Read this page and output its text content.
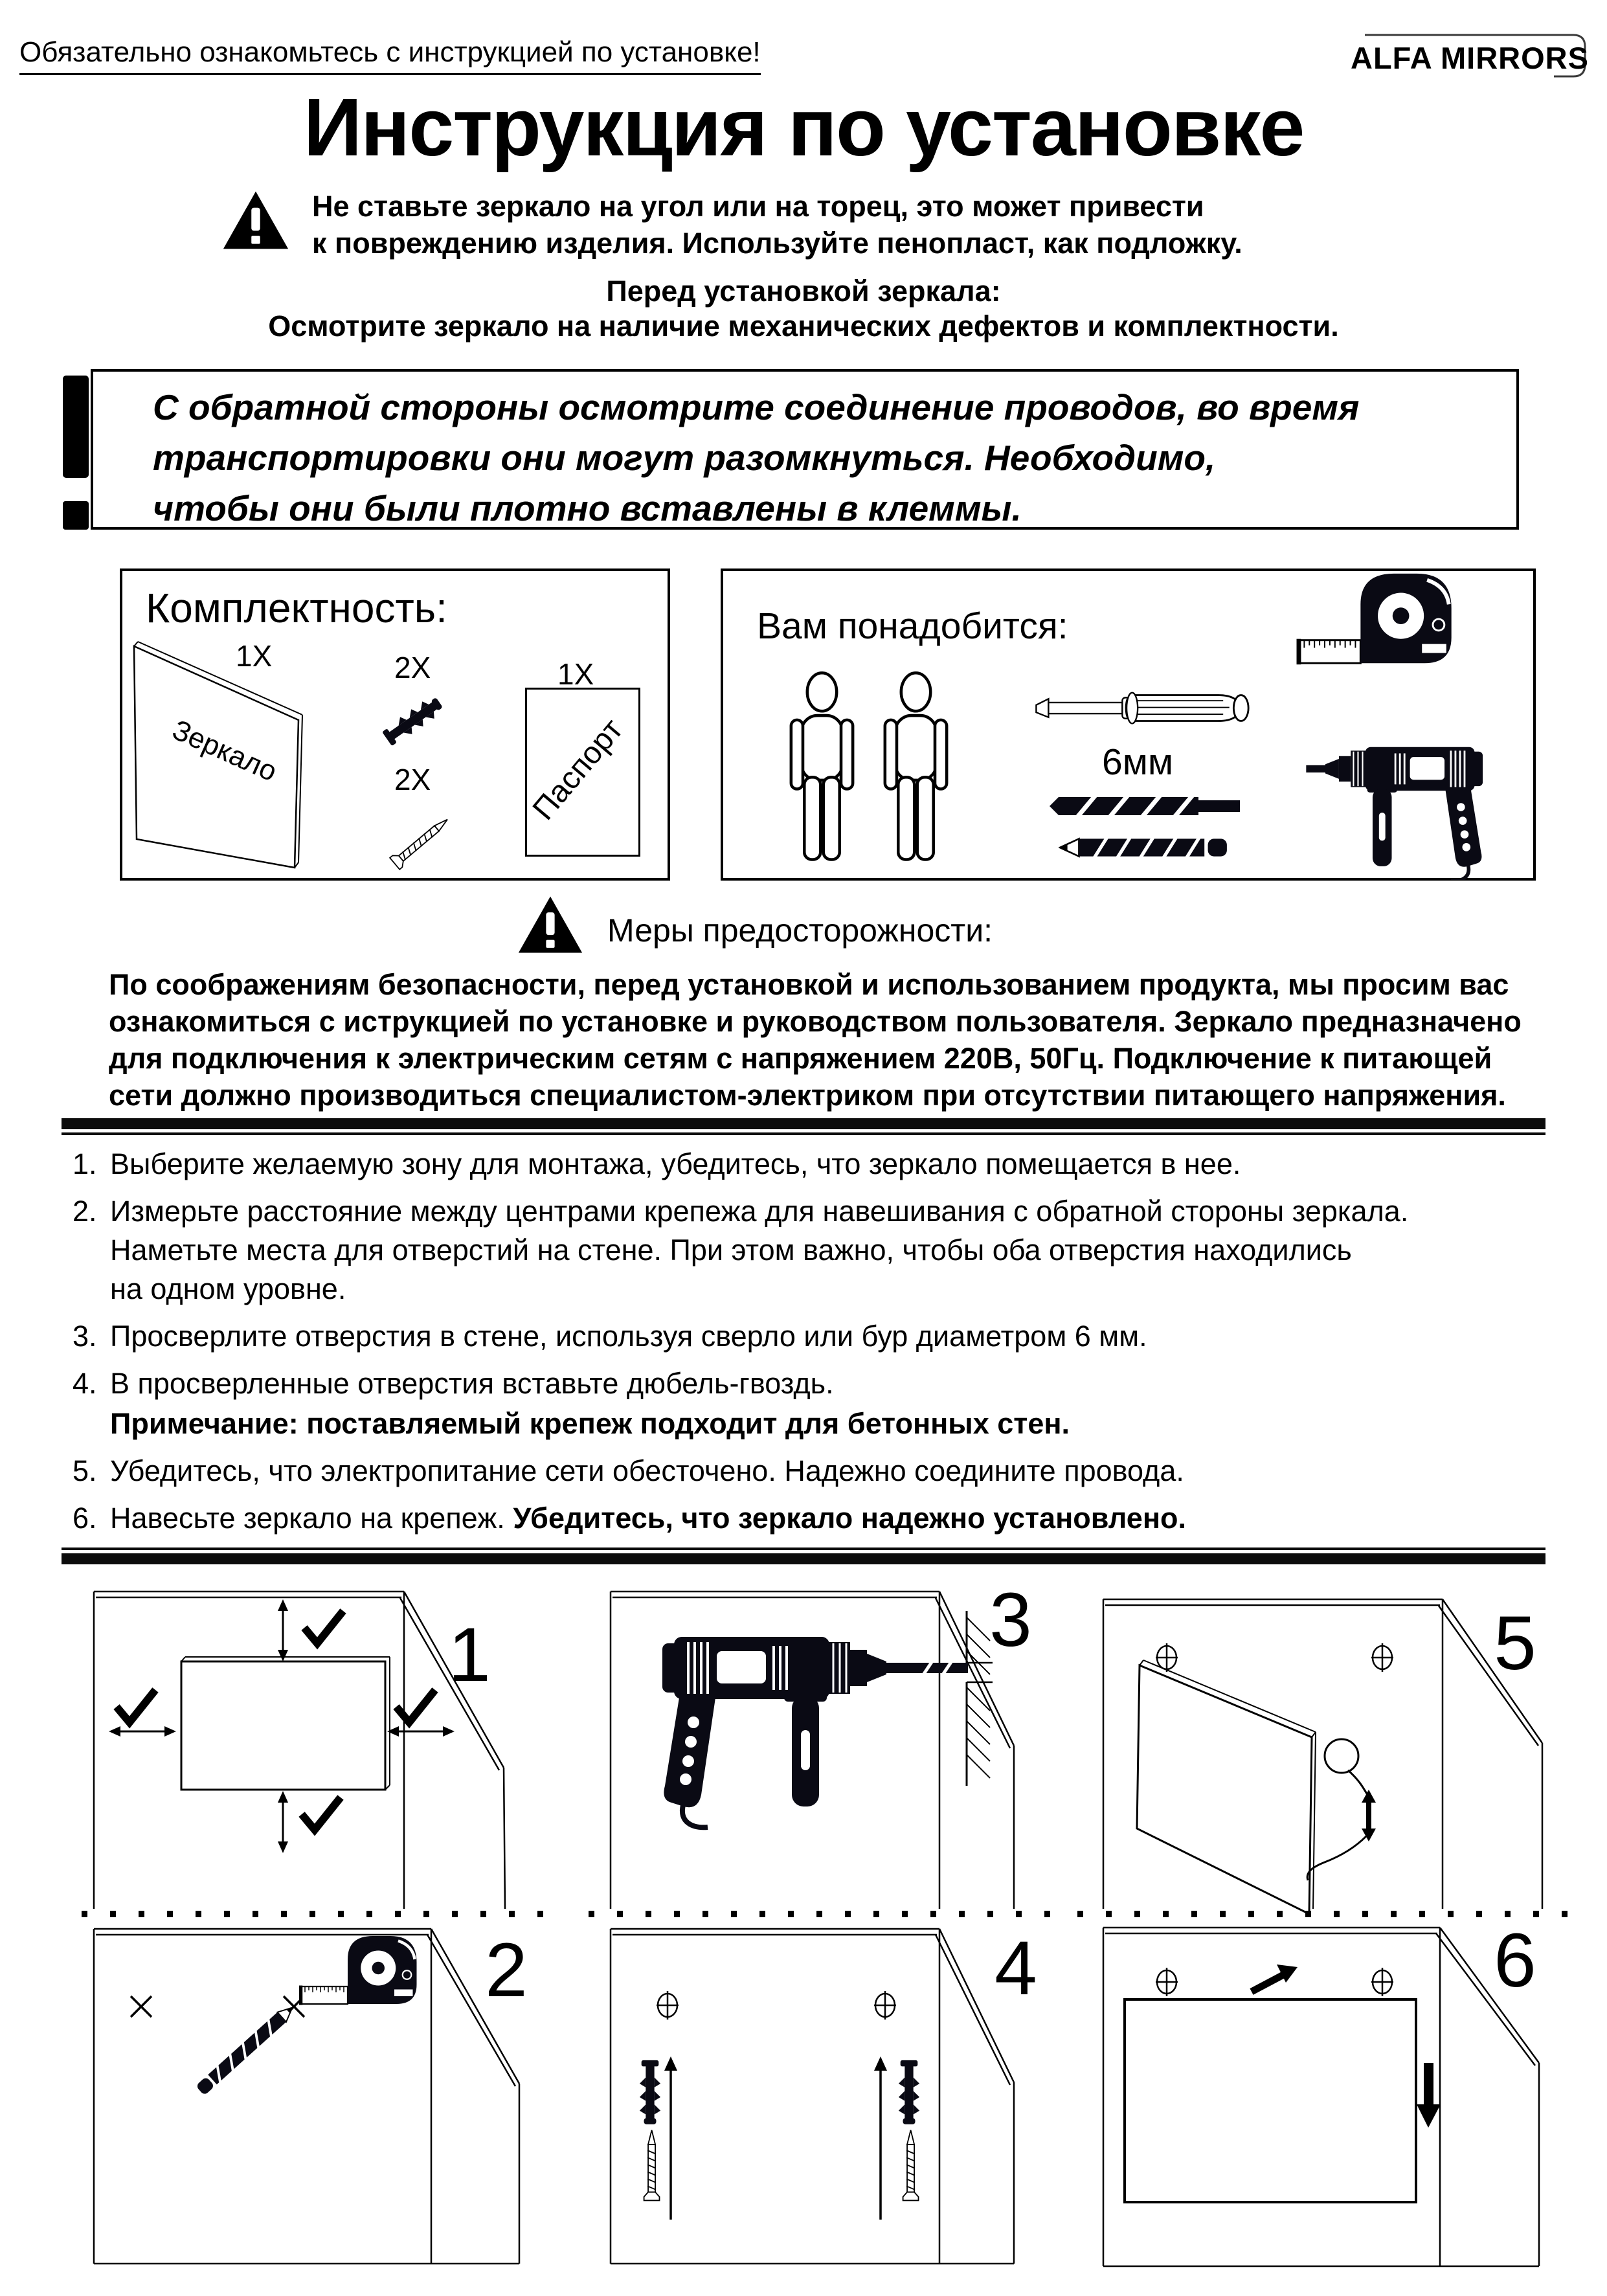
Обязательно ознакомьтесь с инструкцией по установке!	ALFA MIRRORS
Инструкция по установке
Не ставьте зеркало на угол или на торец, это может привести
к повреждению изделия. Используйте пенопласт, как подложку.
Перед установкой зеркала:
Осмотрите зеркало на наличие механических дефектов и комплектности.
С обратной стороны осмотрите соединение проводов, во время
транспортировки они могут разомкнуться. Необходимо,
чтобы они были плотно вставлены в клеммы.
Комплектность:
1X
Зеркало
2X
2X
1X
Паспорт
Вам понадобится:
6мм
Меры предосторожности:
По соображениям безопасности, перед установкой и использованием продукта, мы просим вас
ознакомиться с иструкцией по установке и руководством пользователя. Зеркало предназначено
для подключения к электрическим сетям с напряжением 220В, 50Гц. Подключение к питающей
сети должно производиться специалистом-электриком при отсутствии питающего напряжения.
1. Выберите желаемую зону для монтажа, убедитесь, что зеркало помещается в нее.
2. Измерьте расстояние между центрами крепежа для навешивания с обратной стороны зеркала.
Наметьте места для отверстий на стене. При этом важно, чтобы оба отверстия находились
на одном уровне.
3. Просверлите отверстия в стене, используя сверло или бур диаметром 6 мм.
4. В просверленные отверстия вставьте дюбель-гвоздь.
Примечание: поставляемый крепеж подходит для бетонных стен.
5. Убедитесь, что электропитание сети обесточено. Надежно соедините провода.
6. Навесьте зеркало на крепеж. Убедитесь, что зеркало надежно установлено.
1
2
3
4
5
6
